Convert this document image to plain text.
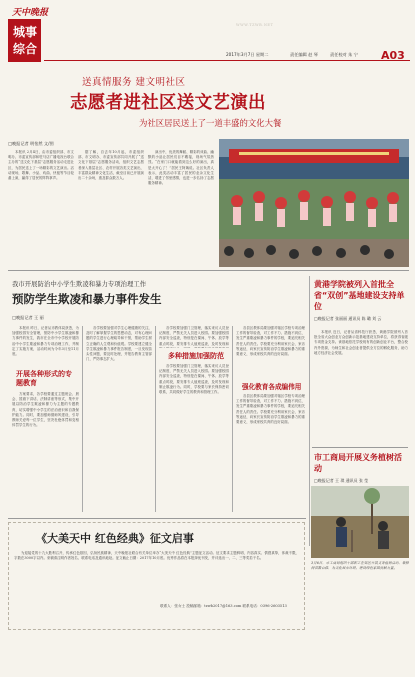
天中晚报
城事
综合	2017年3月7日 星期二	责任编辑 赵 琴	责任校对 朱 宁 A03
WWW.TZWB.NET
送真情服务 建文明社区
志愿者进社区送文艺演出
为社区居民送上了一道丰盛的文化大餐
□晚报记者 明怡然 文/图

本报讯 2月4日，由市委组织部、市文明办、市委宣传部和驻马店广播电视台联合主办的“送文化下基层”志愿服务活动走进社区，为居民送上了一场精彩的文艺演出。活动现场，歌舞、小品、戏曲、快板等节目轮番上演，赢得了居民的阵阵掌声。

据了解，自去年10月起，市委组织部、市文明办、市委宣传部共同开展了“送文化下基层”志愿服务活动，组织文艺志愿者深入基层社区、农村开展各类文艺演出，丰富群众精神文化生活，截至目前已开展演出二十余场，惠及群众数万人。

演出中，优美的舞蹈、精彩的戏曲、幽默的小品让居民们目不暇接，现场气氛热烈。“在家门口就能看到这么好的演出，真是太开心了！”居民王阿姨说。社区负责人表示，此类活动丰富了居民的业余文化生活，增进了邻里感情，也进一步弘扬了志愿服务精神。

我市开展防治中小学生欺凌和暴力专项治理工作
预防学生欺凌和暴力事件发生
□晚报记者 王 丽

本报讯 昨日，记者从市教体局获悉，为加强校园安全管理，预防中小学生欺凌和暴力事件的发生，我市在全市中小学校开展防治中小学生欺凌和暴力专项治理工作，并制定了实施方案，活动时间为今年3月至11月底。

开展各种形式的专题教育

方案要求，各学校要通过主题班会、晨会、国旗下讲话、法制讲座等形式，集中开展以防治学生欺凌和暴力为主题的专题教育，切实增强中小学生的法治意识和自我保护能力。同时，要加强师德师风建设，引导教师关爱每一位学生，坚决杜绝体罚和变相体罚学生的行为。

各学校要加强对学生心理健康的关注，及时了解掌握学生的思想动态，对有心理问题的学生进行心理疏导和干预，帮助学生树立正确的人生观和价值观。学校要建立健全学生欺凌和暴力事件报告制度，一旦发现苗头性问题，要及时处理，并报告教育主管部门，严防事态扩大。

各学校要加强门卫管理，落实来访人员登记制度，严禁无关人员进入校园。要加强校园内部安全巡查，特别是在课间、午休、放学等重点时段，要安排专人值班巡查，及时发现和

多种措施加强防范

各学校要加强门卫管理，落实来访人员登记制度，严禁无关人员进入校园。要加强校园内部安全巡查，特别是在课间、午休、放学等重点时段，要安排专人值班巡查，及时发现和制止欺凌行为。同时，学校要与家长保持密切联系，共同做好学生的教育和管理工作。

各县区教体局要加强对辖区学校专项治理工作的督导检查，对工作不力、措施不到位、发生严重欺凌和暴力事件的学校，要追究相关责任人的责任。学校要充分利用家长会、家访等途径，向家长宣传防治学生欺凌和暴力的重要意义，形成家校共育的良好局面。

强化教育各成编伟用

各县区教体局要加强对辖区学校专项治理工作的督导检查，对工作不力、措施不到位、发生严重欺凌和暴力事件的学校，要追究相关责任人的责任。学校要充分利用家长会、家访等途径，向家长宣传防治学生欺凌和暴力的重要意义，形成家校共育的良好局面。

黄港学院被列入首批全省“双创”基地建设支持单位
□晚报记者 张丽丽 通讯员 陈 璐 刘 云

本报讯 近日，记者从省科技厅获悉，黄港学院被列入首批全省大众创业万众创新示范基地建设支持单位，将获得省级专项资金支持。该基地依托学校现有的创新创业平台，整合校内外资源，为师生和社会创业者提供全方位的孵化服务，助力地方经济社会发展。

市工商局开展义务植树活动
□晚报记者 王 琪 通讯员 张 莹

3月6日，市工商局组织干部职工在郊区开展义务植树活动，栽种树苗数百株，为美化城市环境、建设绿色家园贡献力量。

《大美天中 红色经典》征文启事

为迎接党的十九大胜利召开，传承红色基因，弘扬民族精神，天中晚报社联合有关单位举办“大美天中 红色经典”主题征文活动。征文要求主题鲜明、内容真实、情感真挚，体裁不限，字数在3000字以内。来稿请注明作者姓名、联系电话及通讯地址。征文截止日期：2017年10月底。优秀作品将在本报择优刊发，并评选出一、二、三等奖若干名。

联系人：张女士 投稿邮箱：tzwb2017@163.com 联系电话：0396-2603513
